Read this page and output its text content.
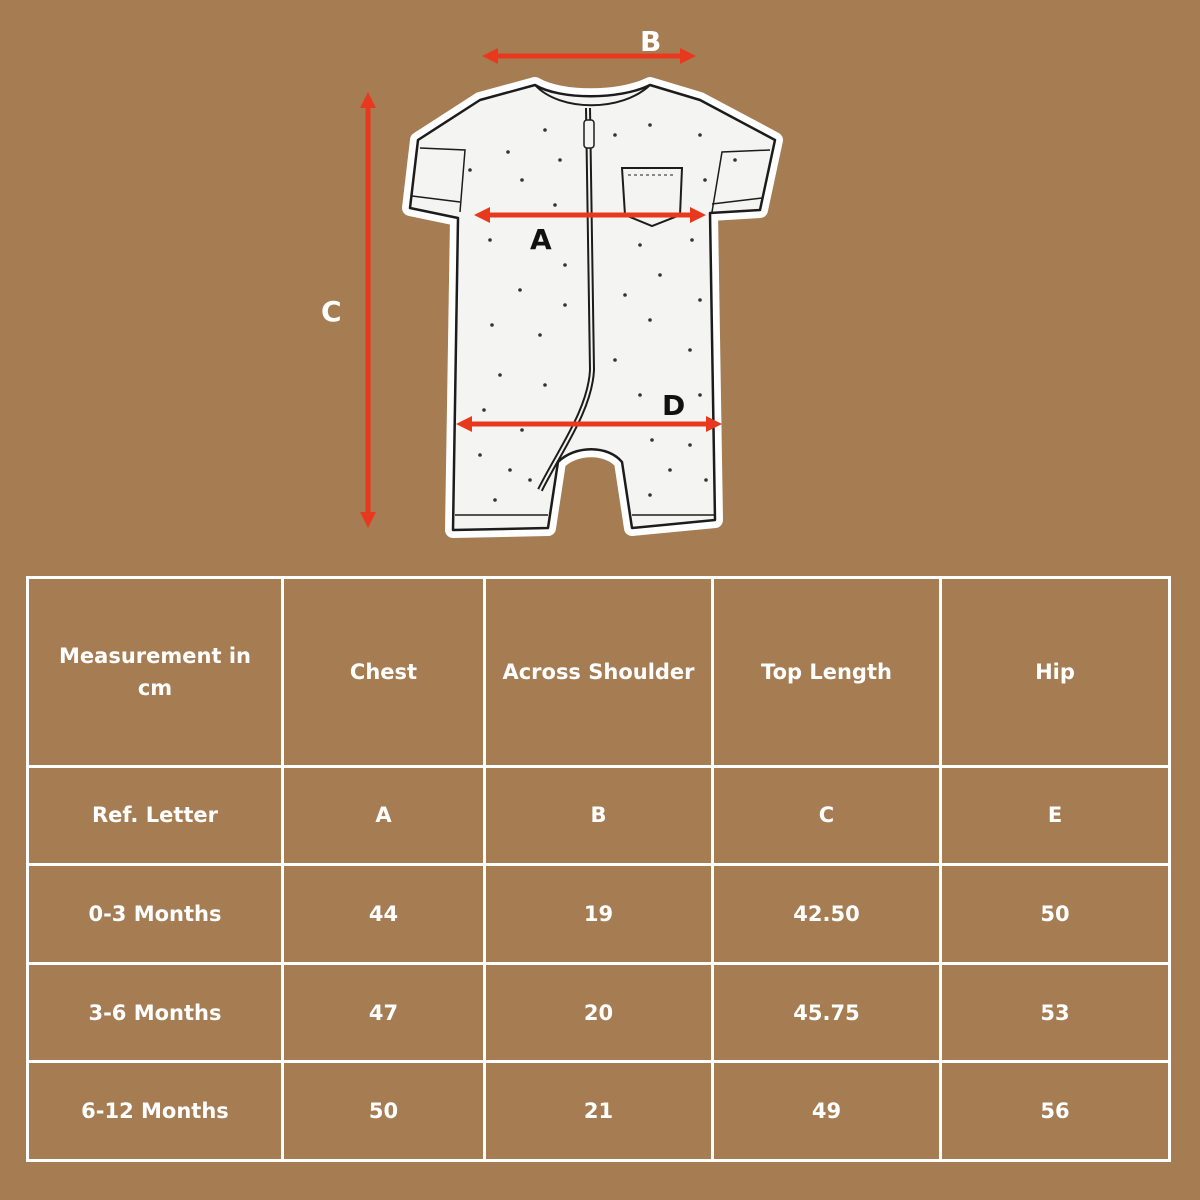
B
C
A
D
Measurement in cm	Chest	Across Shoulder	Top Length	Hip
Ref. Letter	A	B	C	E
0-3 Months	44	19	42.50	50
3-6 Months	47	20	45.75	53
6-12 Months	50	21	49	56
